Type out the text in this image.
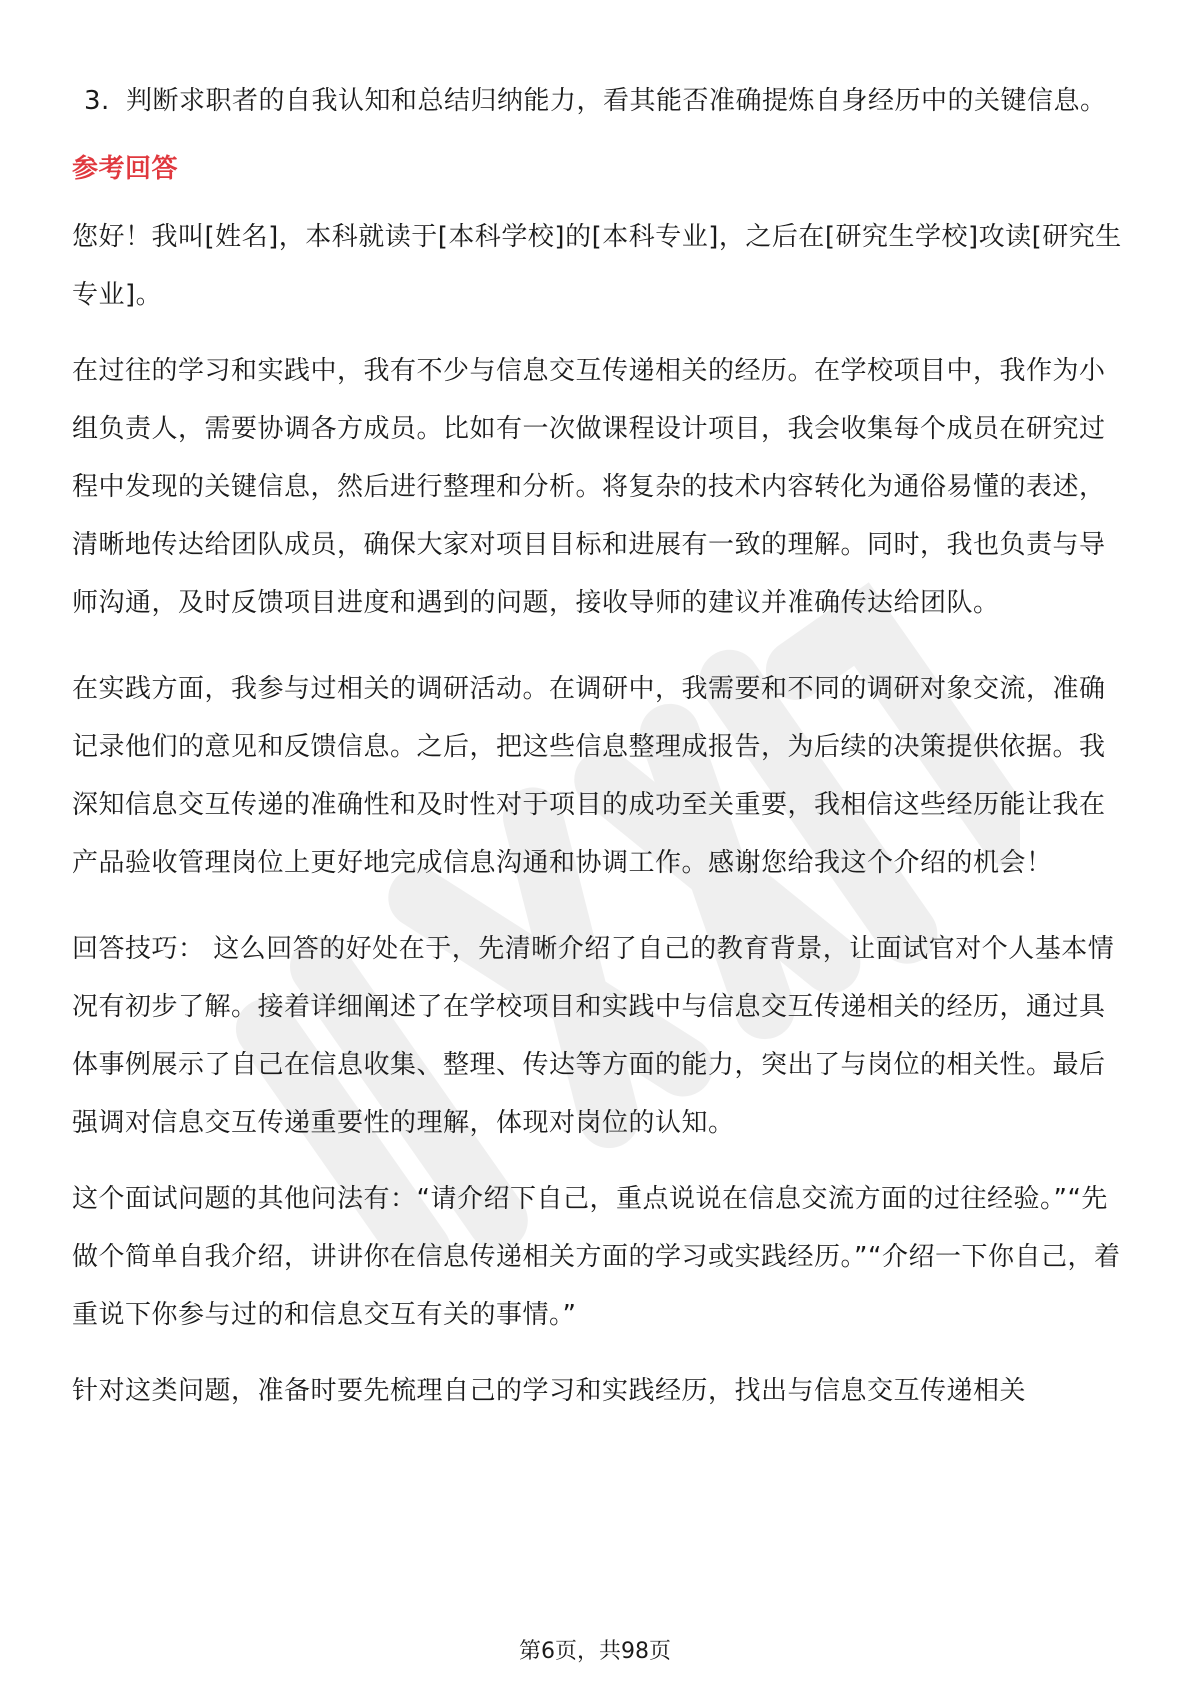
3. 判断求职者的自我认知和总结归纳能力，看其能否准确提炼自身经历中的关键信息。
参考回答

您好！我叫[姓名]，本科就读于[本科学校]的[本科专业]，之后在[研究生学校]攻读[研究生专业]。

在过往的学习和实践中，我有不少与信息交互传递相关的经历。在学校项目中，我作为小组负责人，需要协调各方成员。比如有一次做课程设计项目，我会收集每个成员在研究过程中发现的关键信息，然后进行整理和分析。将复杂的技术内容转化为通俗易懂的表述，清晰地传达给团队成员，确保大家对项目目标和进展有一致的理解。同时，我也负责与导师沟通，及时反馈项目进度和遇到的问题，接收导师的建议并准确传达给团队。

在实践方面，我参与过相关的调研活动。在调研中，我需要和不同的调研对象交流，准确记录他们的意见和反馈信息。之后，把这些信息整理成报告，为后续的决策提供依据。我深知信息交互传递的准确性和及时性对于项目的成功至关重要，我相信这些经历能让我在产品验收管理岗位上更好地完成信息沟通和协调工作。感谢您给我这个介绍的机会！

回答技巧： 这么回答的好处在于，先清晰介绍了自己的教育背景，让面试官对个人基本情况有初步了解。接着详细阐述了在学校项目和实践中与信息交互传递相关的经历，通过具体事例展示了自己在信息收集、整理、传达等方面的能力，突出了与岗位的相关性。最后强调对信息交互传递重要性的理解，体现对岗位的认知。

这个面试问题的其他问法有：“请介绍下自己，重点说说在信息交流方面的过往经验。”“先做个简单自我介绍，讲讲你在信息传递相关方面的学习或实践经历。”“介绍一下你自己，着重说下你参与过的和信息交互有关的事情。”

针对这类问题，准备时要先梳理自己的学习和实践经历，找出与信息交互传递相关

第6页，共98页
